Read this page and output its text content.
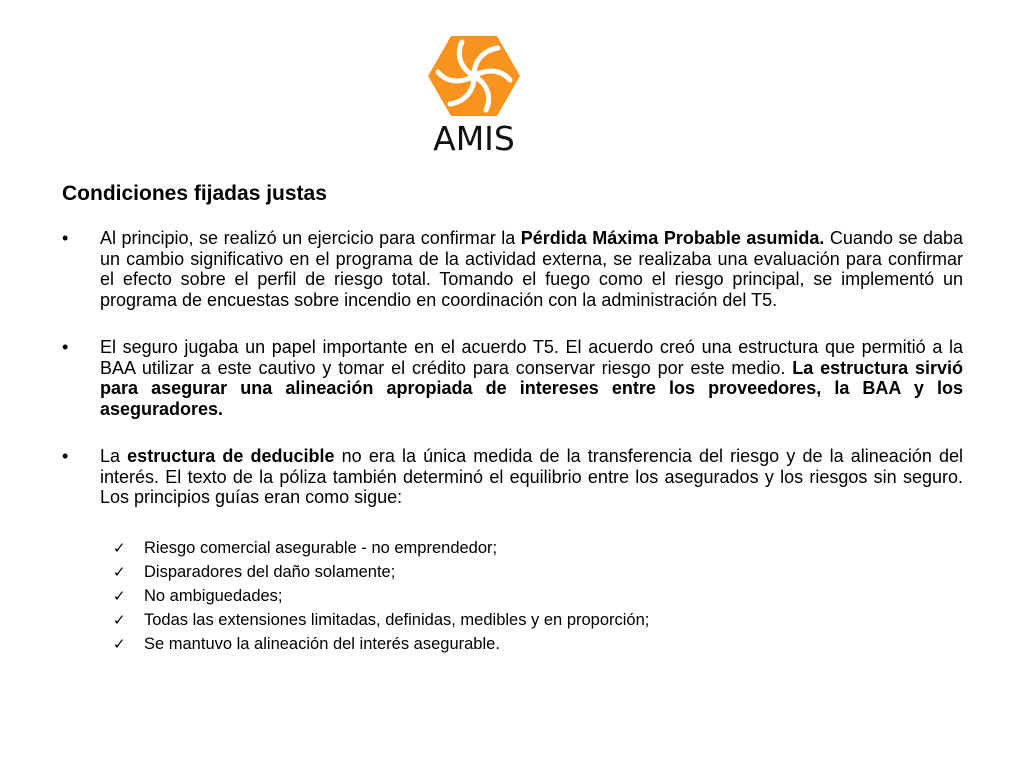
AMIS
Condiciones fijadas justas

• Al principio, se realizó un ejercicio para confirmar la Pérdida Máxima Probable asumida. Cuando se daba un cambio significativo en el programa de la actividad externa, se realizaba una evaluación para confirmar el efecto sobre el perfil de riesgo total. Tomando el fuego como el riesgo principal, se implementó un programa de encuestas sobre incendio en coordinación con la administración del T5.

• El seguro jugaba un papel importante en el acuerdo T5. El acuerdo creó una estructura que permitió a la BAA utilizar a este cautivo y tomar el crédito para conservar riesgo por este medio. La estructura sirvió para asegurar una alineación apropiada de intereses entre los proveedores, la BAA y los aseguradores.

• La estructura de deducible no era la única medida de la transferencia del riesgo y de la alineación del interés. El texto de la póliza también determinó el equilibrio entre los asegurados y los riesgos sin seguro. Los principios guías eran como sigue:

✓ Riesgo comercial asegurable - no emprendedor;
✓ Disparadores del daño solamente;
✓ No ambiguedades;
✓ Todas las extensiones limitadas, definidas, medibles y en proporción;
✓ Se mantuvo la alineación del interés asegurable.
